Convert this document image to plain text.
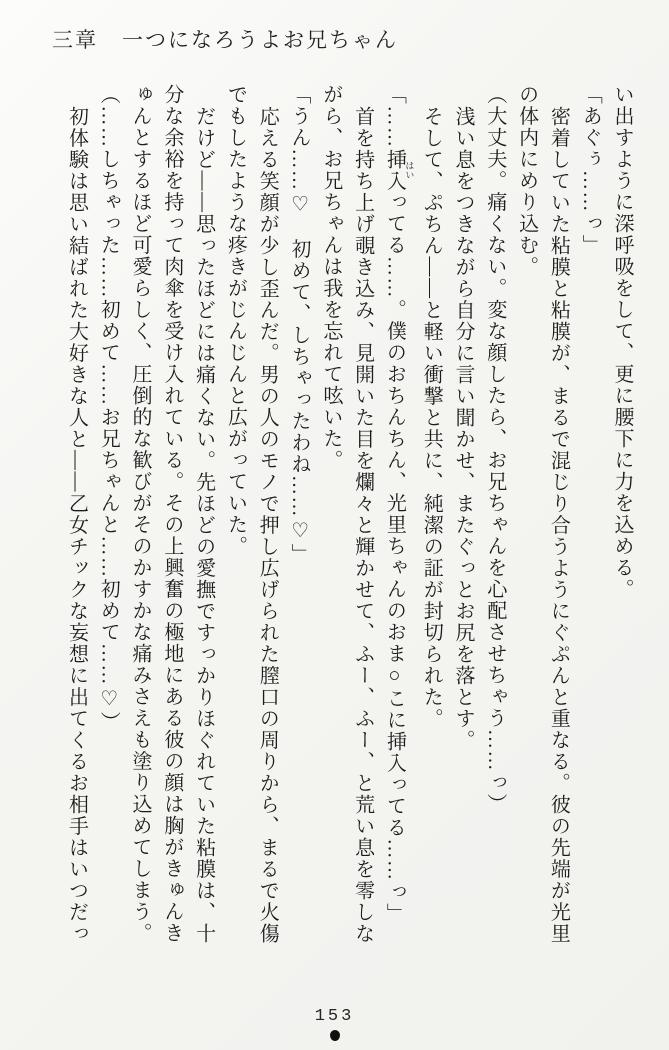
三章 一つになろうよお兄ちゃん

い出すように深呼吸をして、更に腰下に力を込める。

「あぐぅ……っ」

密着していた粘膜と粘膜が、まるで混じり合うようにぐぷんと重なる。彼の先端が光里

の体内にめり込む。

（大丈夫。痛くない。変な顔したら、お兄ちゃんを心配させちゃう……っ）

浅い息をつきながら自分に言い聞かせ、またぐっとお尻を落とす。

そして、ぷちん――と軽い衝撃と共に、純潔の証が封切られた。

「……挿入 はいってる……。僕のおちんちん、光里ちゃんのおま○こに挿入ってる……っ」

首を持ち上げ覗き込み、見開いた目を爛々と輝かせて、ふー、ふー、と荒い息を零しな

がら、お兄ちゃんは我を忘れて呟いた。

「うん……♡　初めて、しちゃったわね……♡」

応える笑顔が少し歪んだ。男の人のモノで押し広げられた膣口の周りから、まるで火傷

でもしたような疼きがじんじんと広がっていた。

だけど――思ったほどには痛くない。先ほどの愛撫ですっかりほぐれていた粘膜は、十

分な余裕を持って肉傘を受け入れている。その上興奮の極地にある彼の顔は胸がきゅんき

ゅんとするほど可愛らしく、圧倒的な歓びがそのかすかな痛みさえも塗り込めてしまう。

（……しちゃった……初めて……お兄ちゃんと……初めて……♡）

初体験は思い結ばれた大好きな人と――乙女チックな妄想に出てくるお相手はいつだっ

153
